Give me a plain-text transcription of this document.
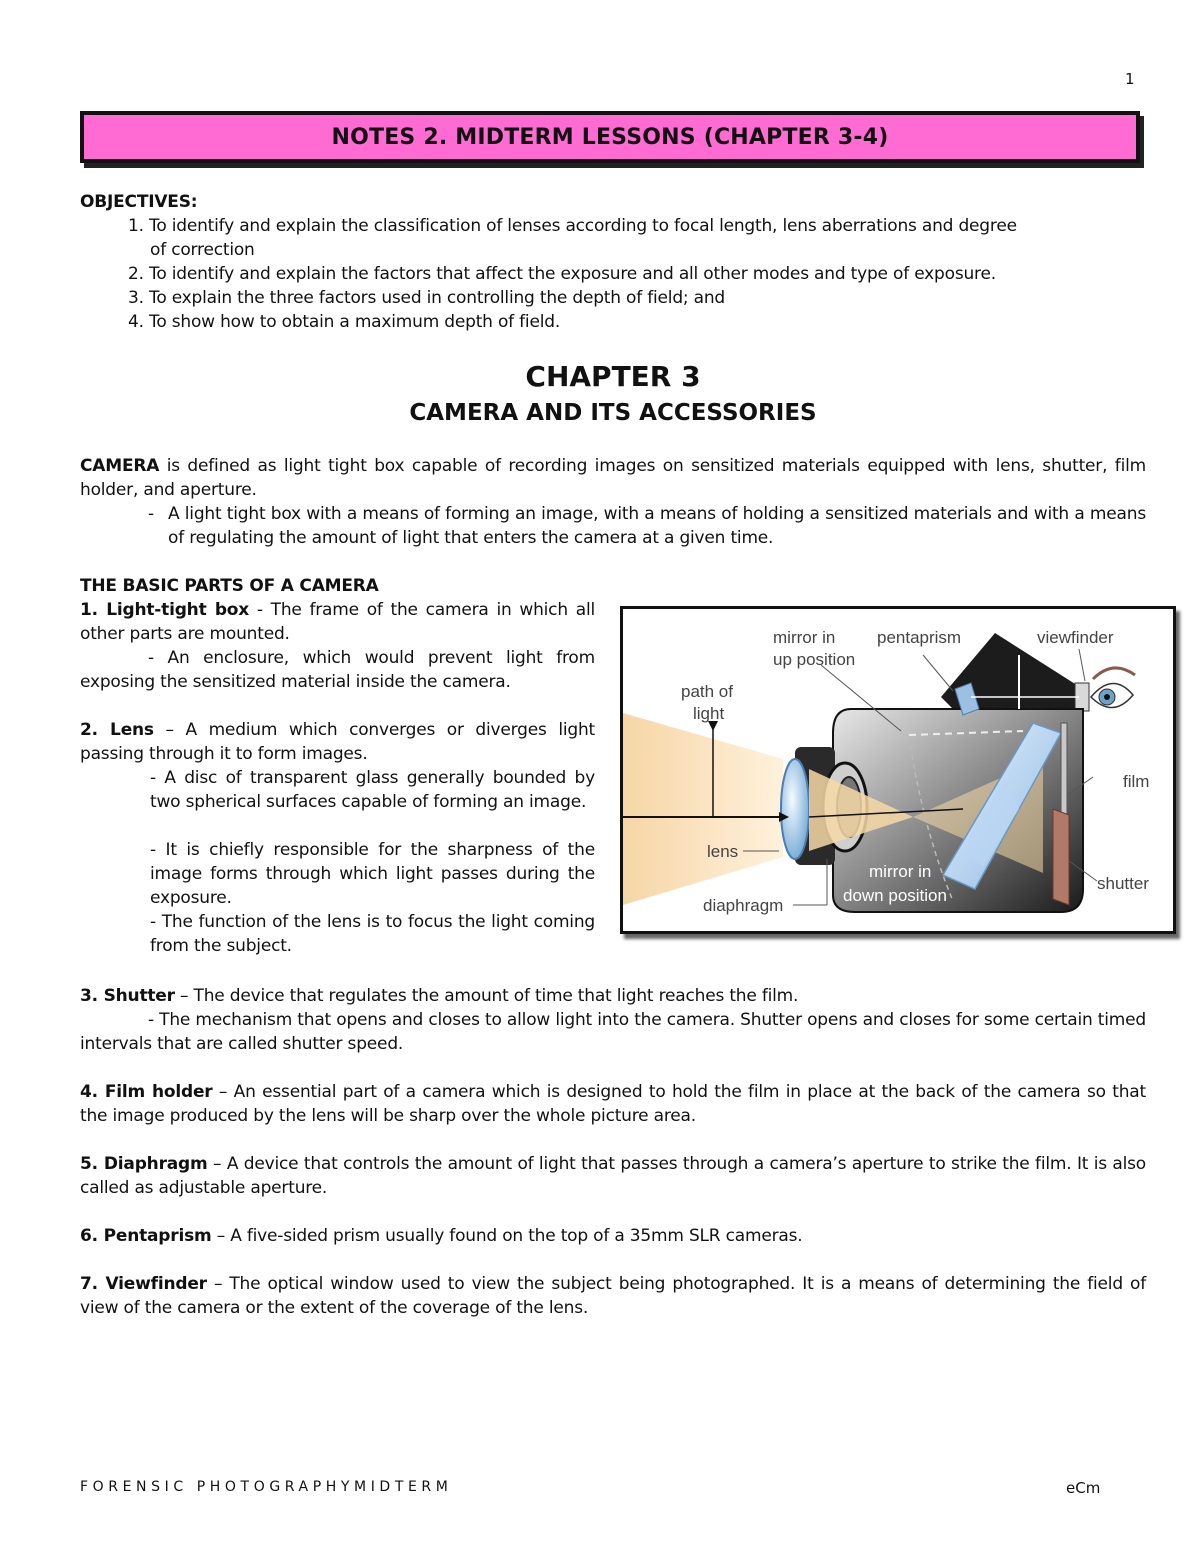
1
NOTES 2. MIDTERM LESSONS (CHAPTER 3-4)
OBJECTIVES:
1. To identify and explain the classification of lenses according to focal length, lens aberrations and degree
of correction
2. To identify and explain the factors that affect the exposure and all other modes and type of exposure.
3. To explain the three factors used in controlling the depth of field; and
4. To show how to obtain a maximum depth of field.
CHAPTER 3
CAMERA AND ITS ACCESSORIES
CAMERA is defined as light tight box capable of recording images on sensitized materials equipped with lens, shutter, film holder, and aperture.
- A light tight box with a means of forming an image, with a means of holding a sensitized materials and with a means of regulating the amount of light that enters the camera at a given time.
THE BASIC PARTS OF A CAMERA
1. Light-tight box - The frame of the camera in which all other parts are mounted.
- An enclosure, which would prevent light from exposing the sensitized material inside the camera.
2. Lens – A medium which converges or diverges light passing through it to form images.
- A disc of transparent glass generally bounded by two spherical surfaces capable of forming an image.
- It is chiefly responsible for the sharpness of the image forms through which light passes during the exposure.
- The function of the lens is to focus the light coming from the subject.
mirror in
up position
pentaprism	viewfinder
path of
light
film
lens
diaphragm
mirror in
down position
shutter
3. Shutter – The device that regulates the amount of time that light reaches the film.
- The mechanism that opens and closes to allow light into the camera. Shutter opens and closes for some certain timed intervals that are called shutter speed.
4. Film holder – An essential part of a camera which is designed to hold the film in place at the back of the camera so that the image produced by the lens will be sharp over the whole picture area.
5. Diaphragm – A device that controls the amount of light that passes through a camera’s aperture to strike the film. It is also called as adjustable aperture.
6. Pentaprism – A five-sided prism usually found on the top of a 35mm SLR cameras.
7. Viewfinder – The optical window used to view the subject being photographed. It is a means of determining the field of view of the camera or the extent of the coverage of the lens.
FORENSIC PHOTOGRAPHYMIDTERM	eCm
